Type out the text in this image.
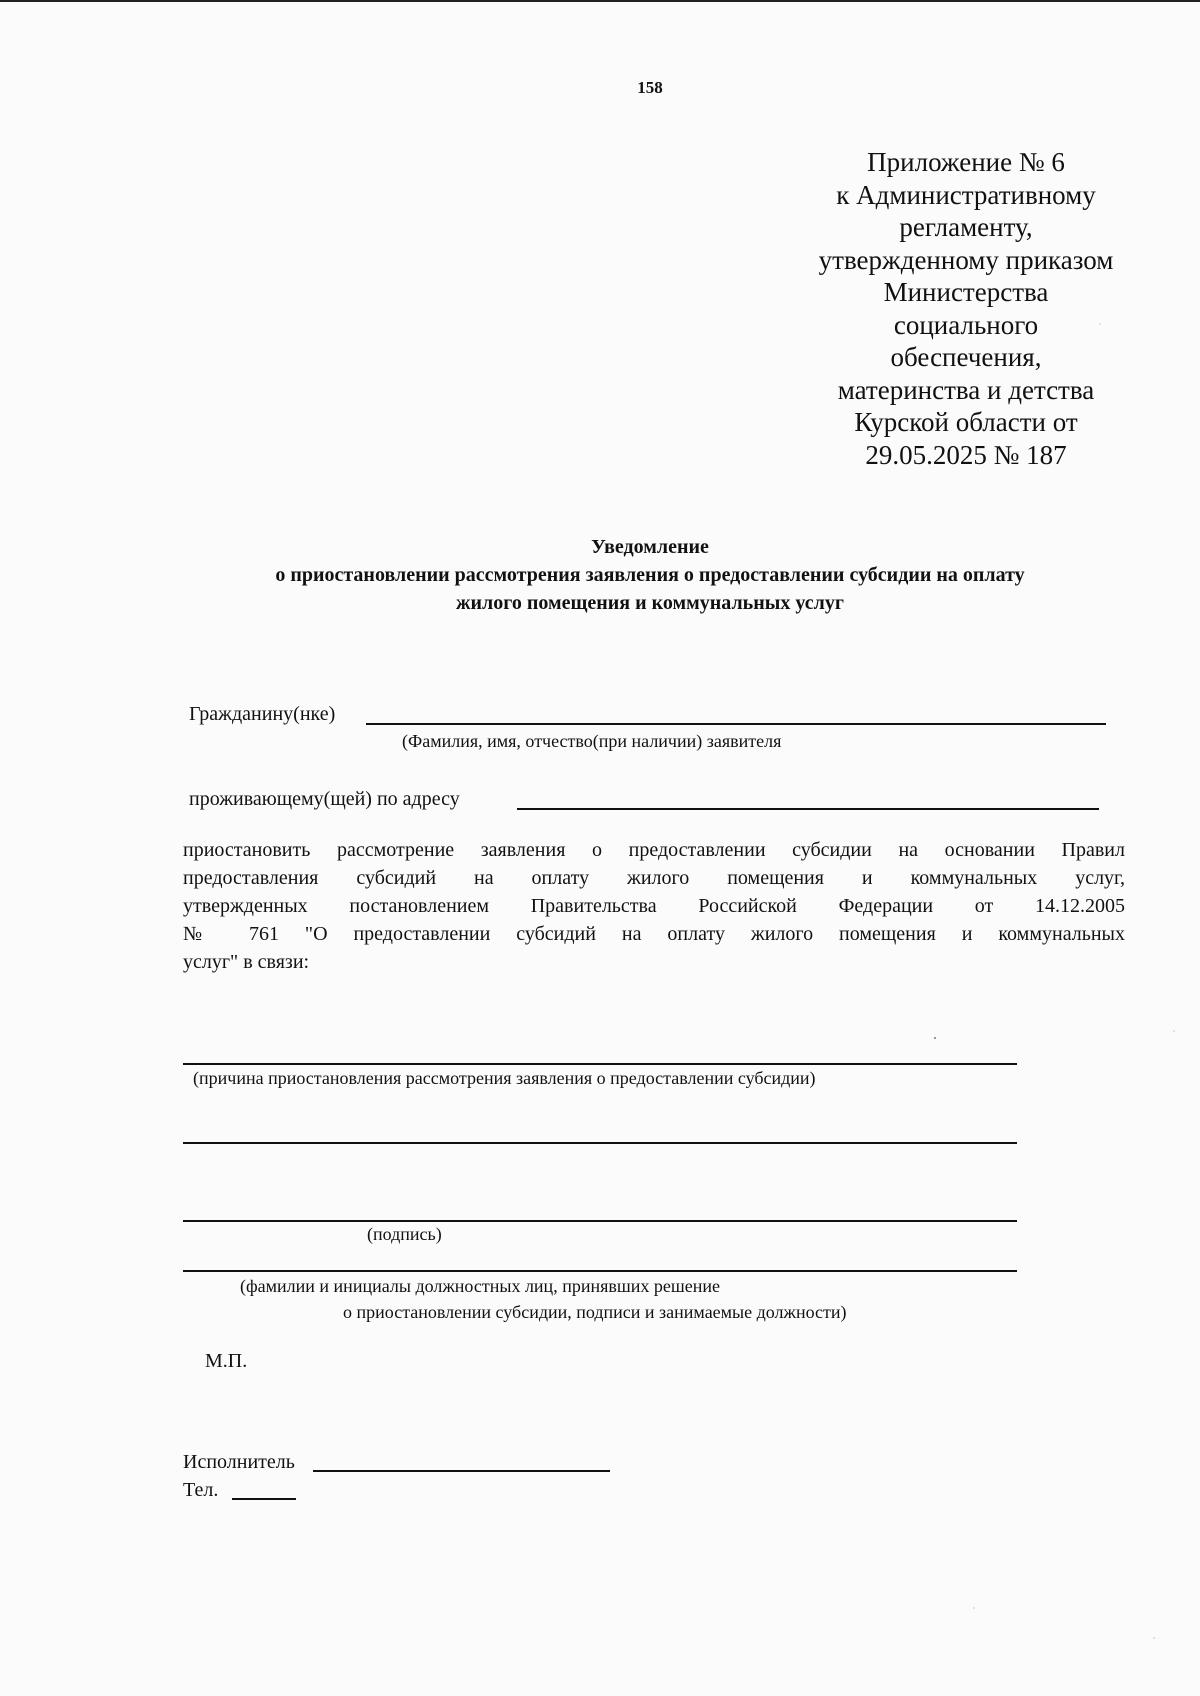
158
Приложение № 6
к Административному
регламенту,
утвержденному приказом
Министерства
социального
обеспечения,
материнства и детства
Курской области от
29.05.2025 № 187
Уведомление
о приостановлении рассмотрения заявления о предоставлении субсидии на оплату
жилого помещения и коммунальных услуг
Гражданину(нке)
(Фамилия, имя, отчество(при наличии) заявителя
проживающему(щей) по адресу
приостановить рассмотрение заявления о предоставлении субсидии на основании Правил
предоставления субсидий на оплату жилого помещения и коммунальных услуг,
утвержденных постановлением Правительства Российской Федерации от 14.12.2005
№ 761 "О предоставлении субсидий на оплату жилого помещения и коммунальных
услуг" в связи:
(причина приостановления рассмотрения заявления о предоставлении субсидии)
(подпись)
(фамилии и инициалы должностных лиц, принявших решение
о приостановлении субсидии, подписи и занимаемые должности)
М.П.
Исполнитель
Тел.
